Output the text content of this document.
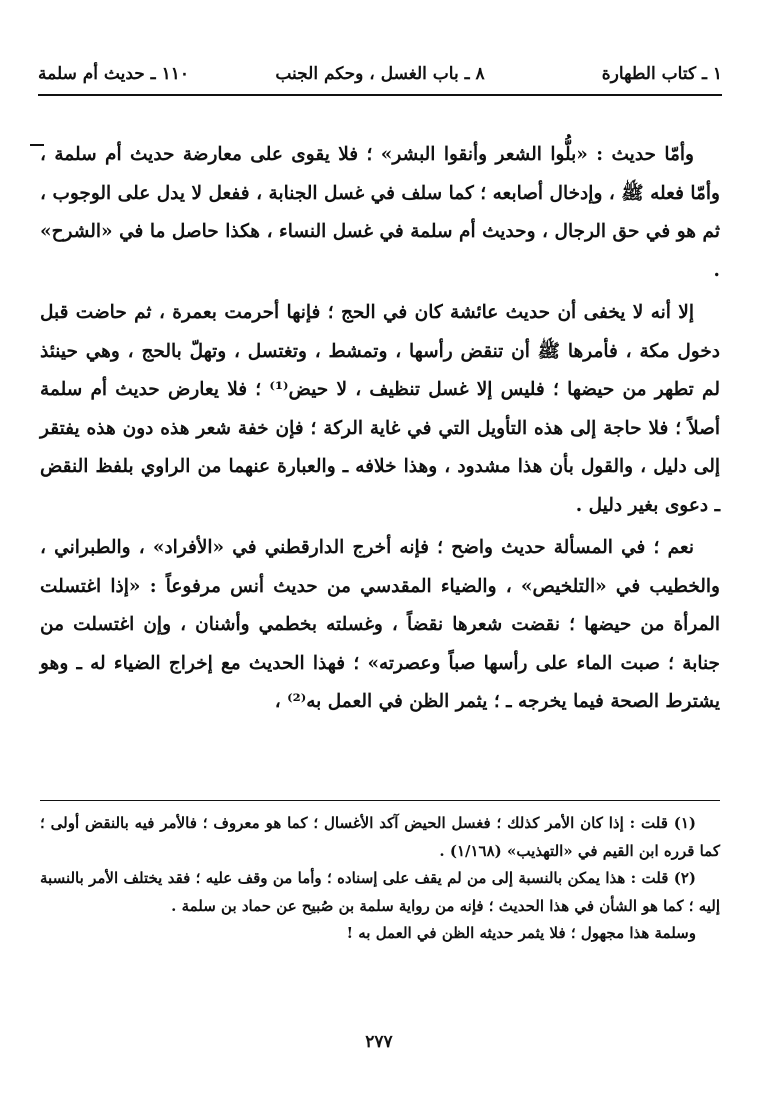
١ ـ كتاب الطهارة
٨ ـ باب الغسل ، وحكم الجنب
١١٠ ـ حديث أم سلمة

وأمّا حديث : «بلُّوا الشعر وأنقوا البشر» ؛ فلا يقوى على معارضة حديث أم سلمة ، وأمّا فعله ﷺ ، وإدخال أصابعه ؛ كما سلف في غسل الجنابة ، ففعل لا يدل على الوجوب ، ثم هو في حق الرجال ، وحديث أم سلمة في غسل النساء ، هكذا حاصل ما في «الشرح» .

إلا أنه لا يخفى أن حديث عائشة كان في الحج ؛ فإنها أحرمت بعمرة ، ثم حاضت قبل دخول مكة ، فأمرها ﷺ أن تنقض رأسها ، وتمشط ، وتغتسل ، وتهلّ بالحج ، وهي حينئذ لم تطهر من حيضها ؛ فليس إلا غسل تنظيف ، لا حيض⁽¹⁾ ؛ فلا يعارض حديث أم سلمة أصلاً ؛ فلا حاجة إلى هذه التأويل التي في غاية الركة ؛ فإن خفة شعر هذه دون هذه يفتقر إلى دليل ، والقول بأن هذا مشدود ، وهذا خلافه ـ والعبارة عنهما من الراوي بلفظ النقض ـ دعوى بغير دليل .

نعم ؛ في المسألة حديث واضح ؛ فإنه أخرج الدارقطني في «الأفراد» ، والطبراني ، والخطيب في «التلخيص» ، والضياء المقدسي من حديث أنس مرفوعاً : «إذا اغتسلت المرأة من حيضها ؛ نقضت شعرها نقضاً ، وغسلته بخطمي وأشنان ، وإن اغتسلت من جنابة ؛ صبت الماء على رأسها صباً وعصرته» ؛ فهذا الحديث مع إخراج الضياء له ـ وهو يشترط الصحة فيما يخرجه ـ ؛ يثمر الظن في العمل به⁽²⁾ ،

(١) قلت : إذا كان الأمر كذلك ؛ فغسل الحيض آكد الأغسال ؛ كما هو معروف ؛ فالأمر فيه بالنقض أولى ؛ كما قرره ابن القيم في «التهذيب» (١/١٦٨) .

(٢) قلت : هذا يمكن بالنسبة إلى من لم يقف على إسناده ؛ وأما من وقف عليه ؛ فقد يختلف الأمر بالنسبة إليه ؛ كما هو الشأن في هذا الحديث ؛ فإنه من رواية سلمة بن صُبيح عن حماد بن سلمة .

وسلمة هذا مجهول ؛ فلا يثمر حديثه الظن في العمل به !

٢٧٧
